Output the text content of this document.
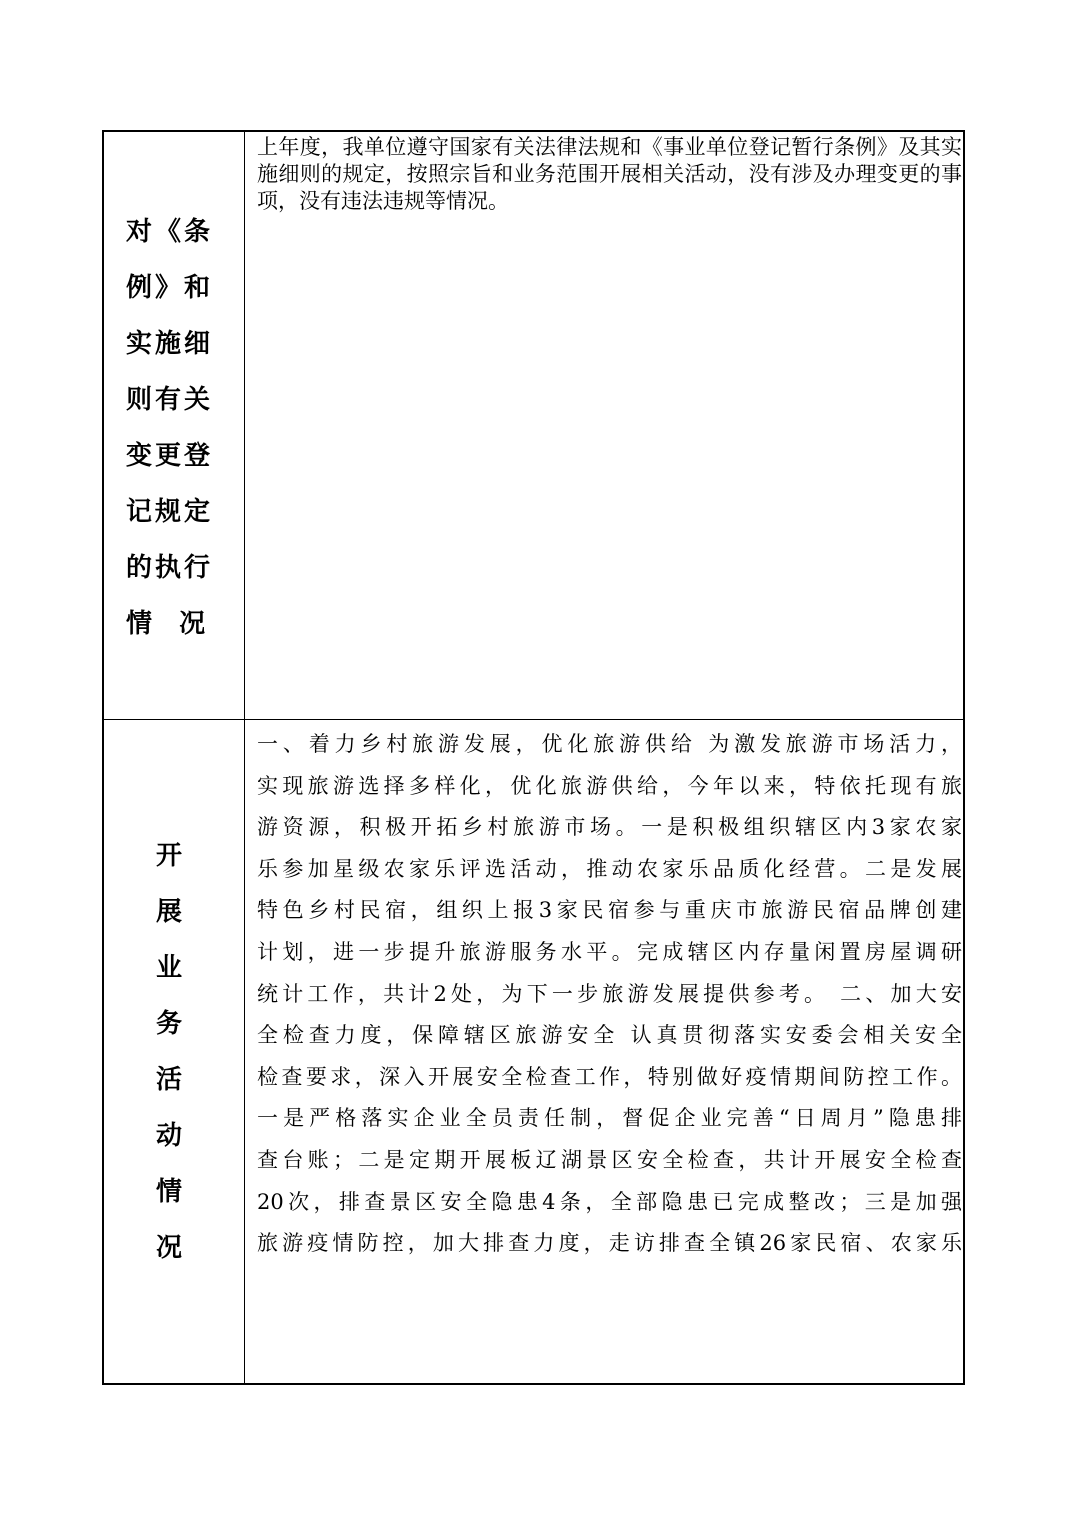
对《条
例》和
实施细
则有关
变更登
记规定
的执行
情  况

上年度，我单位遵守国家有关法律法规和《事业单位登记暂行条例》及其实施细则的规定，按照宗旨和业务范围开展相关活动，没有涉及办理变更的事项，没有违法违规等情况。

开
展
业
务
活
动
情
况
一、着力乡村旅游发展，优化旅游供给 为激发旅游市场活力，
实现旅游选择多样化，优化旅游供给，今年以来，特依托现有旅
游资源，积极开拓乡村旅游市场。一是积极组织辖区内3家农家
乐参加星级农家乐评选活动，推动农家乐品质化经营。二是发展
特色乡村民宿，组织上报3家民宿参与重庆市旅游民宿品牌创建
计划，进一步提升旅游服务水平。完成辖区内存量闲置房屋调研
统计工作，共计2处，为下一步旅游发展提供参考。 二、加大安
全检查力度，保障辖区旅游安全 认真贯彻落实安委会相关安全
检查要求，深入开展安全检查工作，特别做好疫情期间防控工作。
一是严格落实企业全员责任制，督促企业完善“日周月”隐患排
查台账；二是定期开展板辽湖景区安全检查，共计开展安全检查
20次，排查景区安全隐患4条，全部隐患已完成整改；三是加强
旅游疫情防控，加大排查力度，走访排查全镇26家民宿、农家乐
